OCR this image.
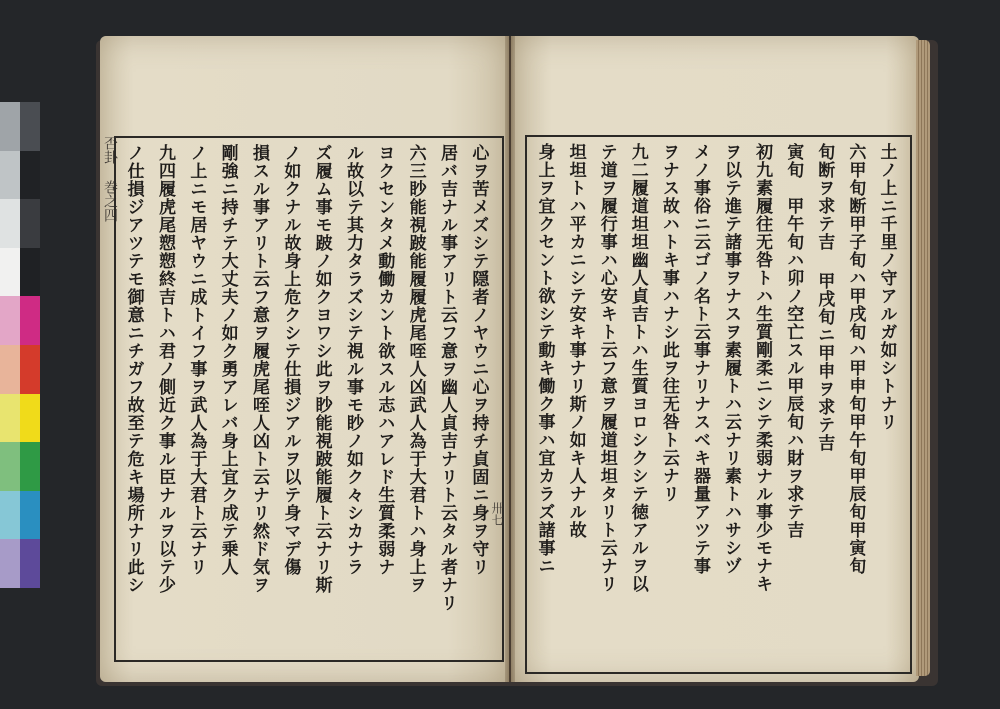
否卦 巻之四	心ヲ苦メズシテ隠者ノヤウニ心ヲ持チ貞固ニ身ヲ守リ
居バ吉ナル事アリト云フ意ヲ幽人貞吉ナリト云タル者ナリ
六三眇能視跛能履履虎尾咥人凶武人為于大君トハ身上ヲ
ヨクセンタメ動働カント欲スル志ハアレド生質柔弱ナ
ル故以テ其力タラズシテ視ル事モ眇ノ如ク々シカナラ
ズ履ム事モ跛ノ如クヨワシ此ヲ眇能視跛能履ト云ナリ斯
ノ如クナル故身上危クシテ仕損ジアルヲ以テ身マデ傷
損スル事アリト云フ意ヲ履虎尾咥人凶ト云ナリ然ド気ヲ
剛強ニ持チテ大丈夫ノ如ク勇アレバ身上宜ク成テ乗人
ノ上ニモ居ヤウニ成トイフ事ヲ武人為于大君ト云ナリ
九四履虎尾愬愬終吉トハ君ノ側近ク事ル臣ナルヲ以テ少
ノ仕損ジアツテモ御意ニチガフ故至テ危キ場所ナリ此シ	卅七
土ノ上ニ千里ノ守アルガ如シトナリ
六甲旬断甲子旬ハ甲戌旬ハ甲申旬甲午旬甲辰旬甲寅旬
旬断ヲ求テ吉 甲戌旬ニ甲申ヲ求テ吉
寅旬　甲午旬ハ卯ノ空亡スル甲辰旬ハ財ヲ求テ吉
初九素履往无咎トハ生質剛柔ニシテ柔弱ナル事少モナキ
ヲ以テ進テ諸事ヲナスヲ素履トハ云ナリ素トハサシヅ
メノ事俗ニ云ゴノ名ト云事ナリナスベキ器量アツテ事
ヲナス故ハトキ事ハナシ此ヲ往无咎ト云ナリ
九二履道坦坦幽人貞吉トハ生質ヨロシクシテ徳アルヲ以
テ道ヲ履行事ハ心安キト云フ意ヲ履道坦坦タリト云ナリ
坦坦トハ平カニシテ安キ事ナリ斯ノ如キ人ナル故
身上ヲ宜クセント欲シテ動キ働ク事ハ宜カラズ諸事ニ
